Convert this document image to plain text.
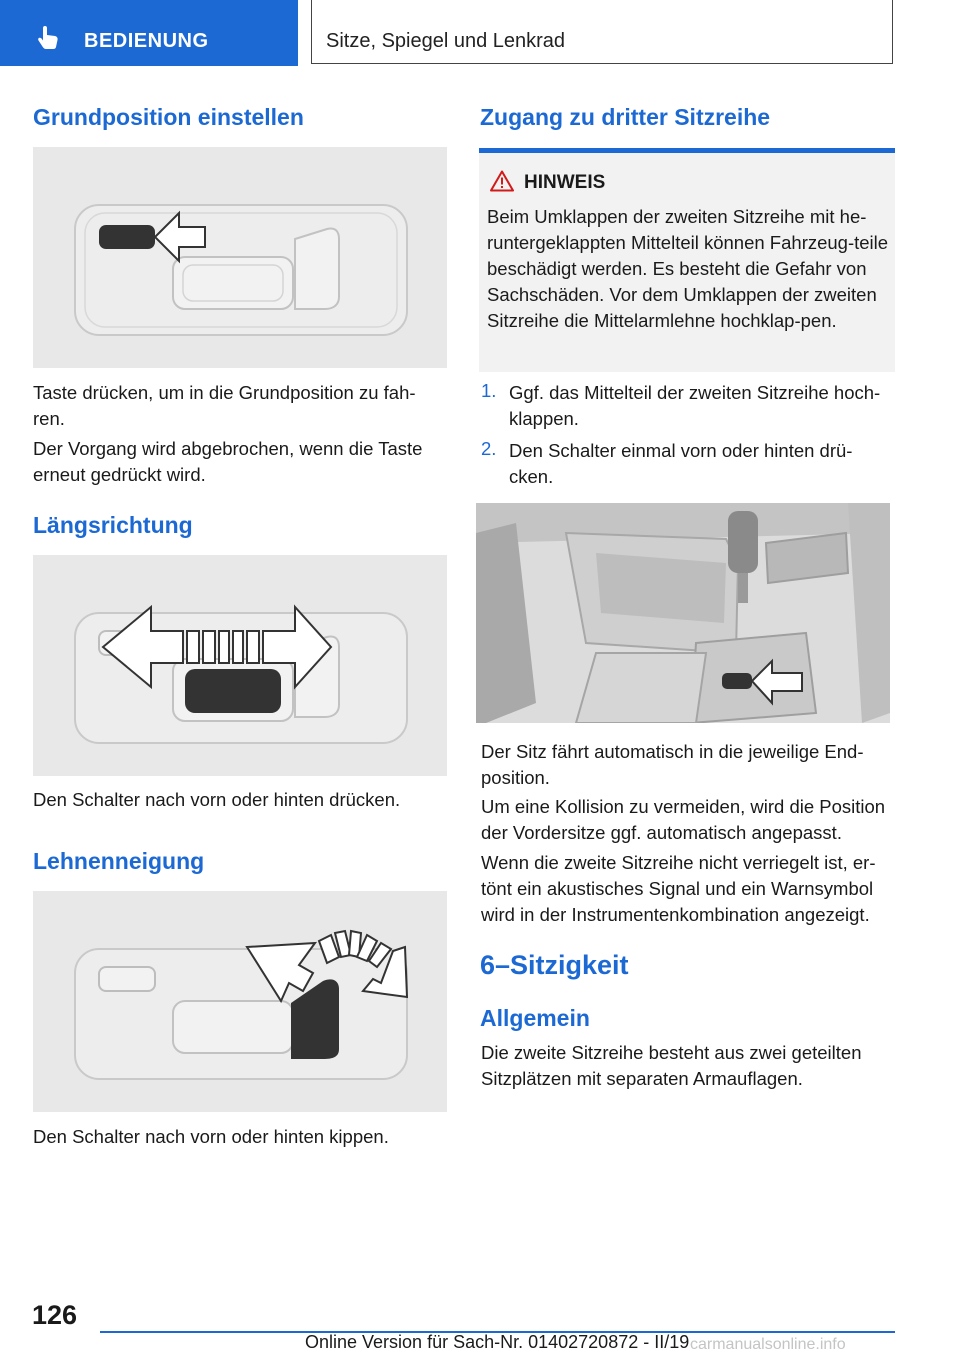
BEDIENUNG	Sitze, Spiegel und Lenkrad
Grundposition einstellen

Taste drücken, um in die Grundposition zu fah-ren.

Der Vorgang wird abgebrochen, wenn die Taste erneut gedrückt wird.

Längsrichtung

Den Schalter nach vorn oder hinten drücken.

Lehnenneigung

Den Schalter nach vorn oder hinten kippen.

Zugang zu dritter Sitzreihe
HINWEIS

Beim Umklappen der zweiten Sitzreihe mit he-runtergeklappten Mittelteil können Fahrzeug-teile beschädigt werden. Es besteht die Gefahr von Sachschäden. Vor dem Umklappen der zweiten Sitzreihe die Mittelarmlehne hochklap-pen.

1. Ggf. das Mittelteil der zweiten Sitzreihe hoch-klappen.

2. Den Schalter einmal vorn oder hinten drü-cken.

Der Sitz fährt automatisch in die jeweilige End-position.

Um eine Kollision zu vermeiden, wird die Position der Vordersitze ggf. automatisch angepasst.

Wenn die zweite Sitzreihe nicht verriegelt ist, er-tönt ein akustisches Signal und ein Warnsymbol wird in der Instrumentenkombination angezeigt.

6–Sitzigkeit
Allgemein

Die zweite Sitzreihe besteht aus zwei geteilten Sitzplätzen mit separaten Armauflagen.

126
Online Version für Sach-Nr. 01402720872 - II/19 carmanualsonline.info
